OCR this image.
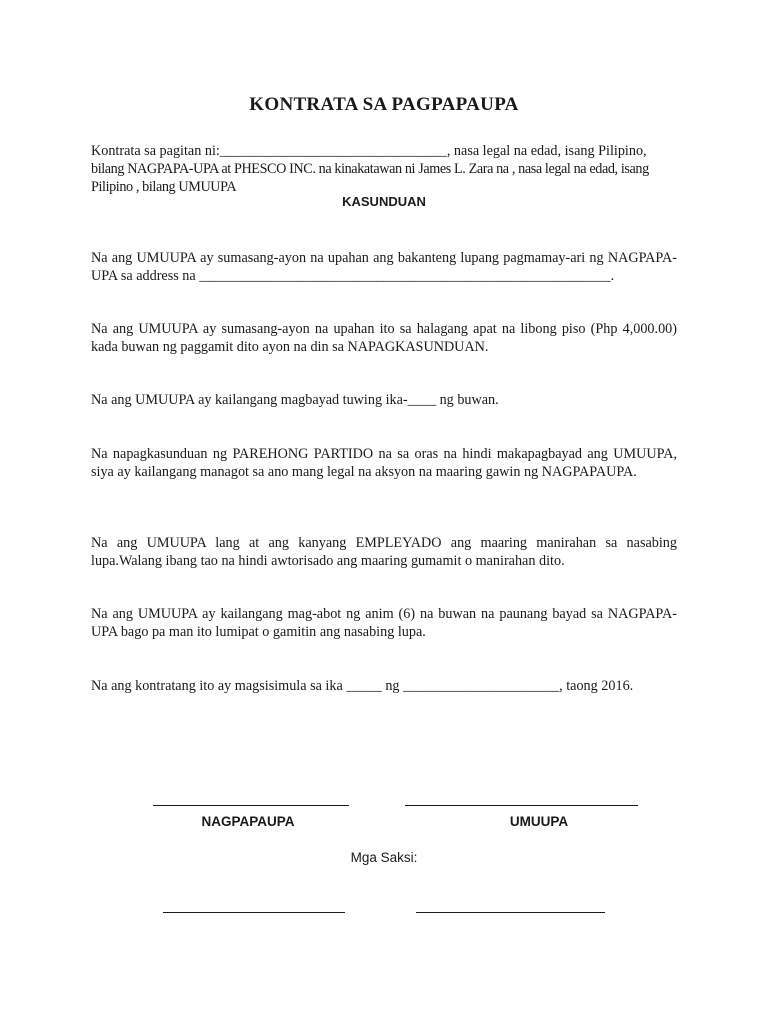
KONTRATA SA PAGPAPAUPA
Kontrata sa pagitan ni:________________________________, nasa legal na edad, isang Pilipino,
bilang NAGPAPA-UPA at PHESCO INC. na kinakatawan ni James L. Zara na , nasa legal na edad, isang
Pilipino , bilang UMUUPA
KASUNDUAN
Na ang UMUUPA ay sumasang-ayon na upahan ang bakanteng lupang pagmamay-ari ng NAGPAPA-UPA sa address na __________________________________________________________.
Na ang UMUUPA ay sumasang-ayon na upahan ito sa halagang apat na libong piso (Php 4,000.00) kada buwan ng paggamit dito ayon na din sa NAPAGKASUNDUAN.
Na ang UMUUPA ay kailangang magbayad tuwing ika-____ ng buwan.
Na napagkasunduan ng PAREHONG PARTIDO na sa oras na hindi makapagbayad ang UMUUPA, siya ay kailangang managot sa ano mang legal na aksyon na maaring gawin ng NAGPAPAUPA.
Na ang UMUUPA lang at ang kanyang EMPLEYADO ang maaring manirahan sa nasabing lupa.Walang ibang tao na hindi awtorisado ang maaring gumamit o manirahan dito.
Na ang UMUUPA ay kailangang mag-abot ng anim (6) na buwan na paunang bayad sa NAGPAPA-UPA bago pa man ito lumipat o gamitin ang nasabing lupa.
Na ang kontratang ito ay magsisimula sa ika _____ ng ______________________, taong 2016.
NAGPAPAUPA	UMUUPA
Mga Saksi:
